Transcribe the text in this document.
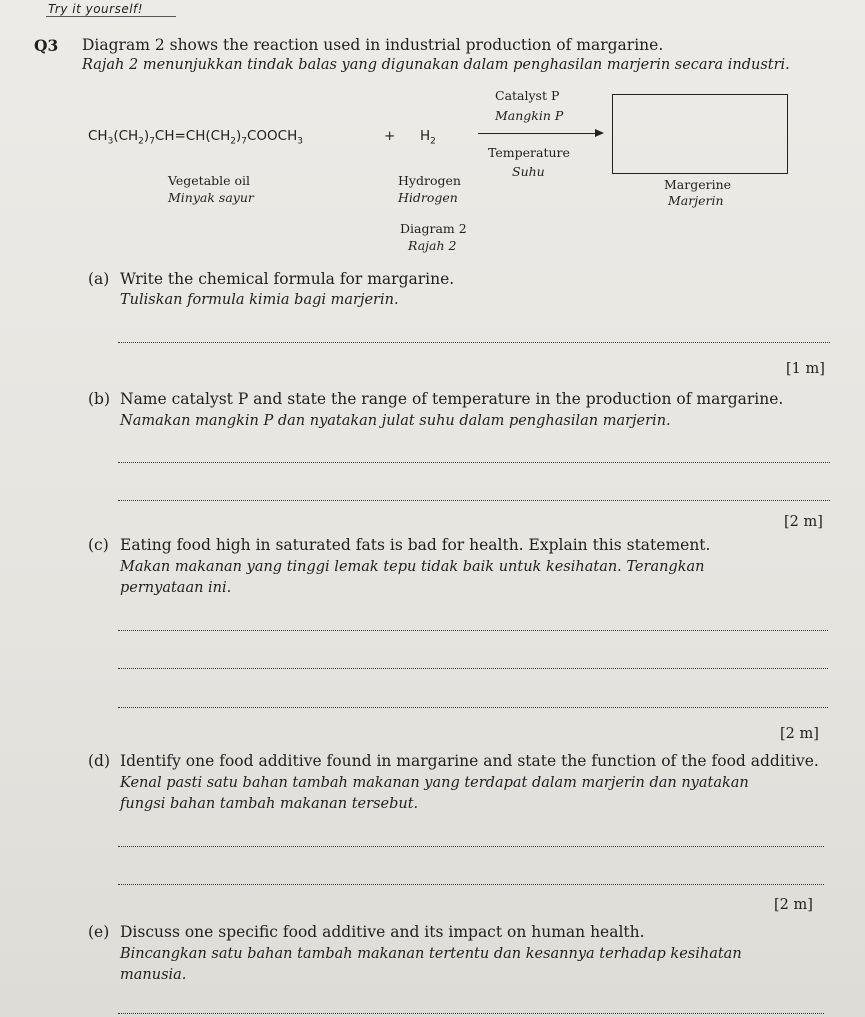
Try it yourself!
Q3 Diagram 2 shows the reaction used in industrial production of margarine.
Rajah 2 menunjukkan tindak balas yang digunakan dalam penghasilan marjerin secara industri.
$CH_3(CH_2)_7CH=CH(CH_2)_7COOCH_3$	+ $H_2$
Catalyst P
Mangkin P
Temperature
Suhu
Vegetable oil
Minyak sayur
Hydrogen
Hidrogen
Margerine
Marjerin
Diagram 2
Rajah 2
(a) Write the chemical formula for margarine.
Tuliskan formula kimia bagi marjerin.
[1 m]
(b) Name catalyst P and state the range of temperature in the production of margarine.
Namakan mangkin P dan nyatakan julat suhu dalam penghasilan marjerin.
[2 m]
(c) Eating food high in saturated fats is bad for health. Explain this statement.
Makan makanan yang tinggi lemak tepu tidak baik untuk kesihatan. Terangkan
pernyataan ini.
[2 m]
(d) Identify one food additive found in margarine and state the function of the food additive.
Kenal pasti satu bahan tambah makanan yang terdapat dalam marjerin dan nyatakan
fungsi bahan tambah makanan tersebut.
[2 m]
(e) Discuss one specific food additive and its impact on human health.
Bincangkan satu bahan tambah makanan tertentu dan kesannya terhadap kesihatan
manusia.
